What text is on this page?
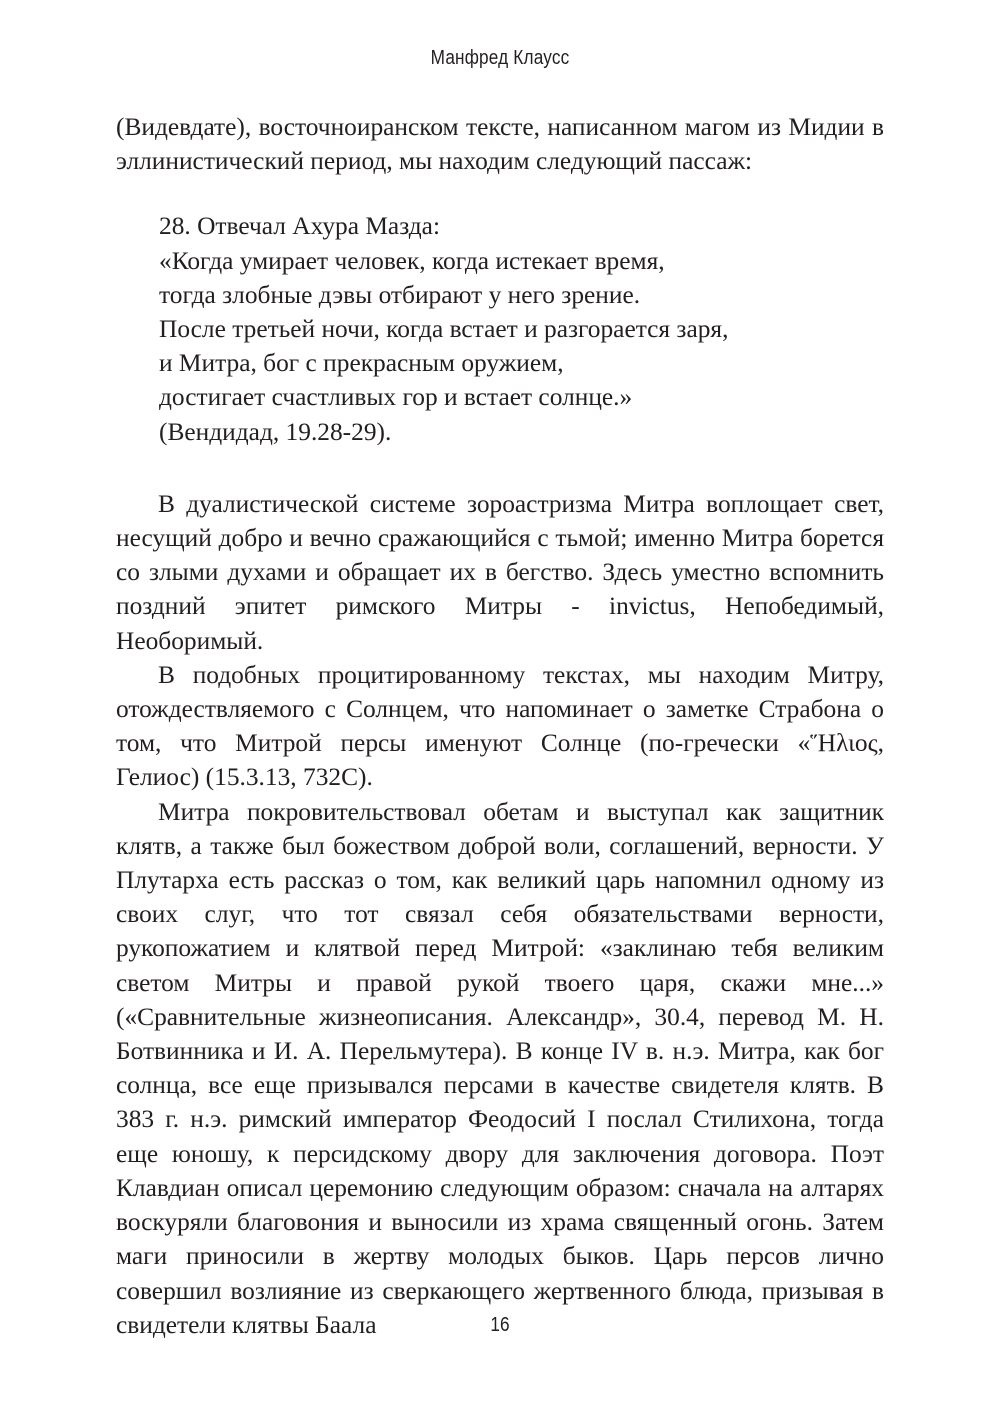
Манфред Клаусс

(Видевдате), восточноиранском тексте, написанном магом из Мидии в эллинистический период, мы находим следующий пассаж:

28. Отвечал Ахура Мазда:
«Когда умирает человек, когда истекает время,
тогда злобные дэвы отбирают у него зрение.
После третьей ночи, когда встает и разгорается заря,
и Митра, бог с прекрасным оружием,
достигает счастливых гор и встает солнце.»
(Вендидад, 19.28-29).

В дуалистической системе зороастризма Митра воплощает свет, несущий добро и вечно сражающийся с тьмой; именно Митра борется со злыми духами и обращает их в бегство. Здесь уместно вспомнить поздний эпитет римского Митры - invictus, Непобедимый, Необоримый.

В подобных процитированному текстах, мы находим Митру, отождествляемого с Солнцем, что напоминает о заметке Страбона о том, что Митрой персы именуют Солнце (по-гречески «Ἥλιος, Гелиос) (15.3.13, 732С).

Митра покровительствовал обетам и выступал как защитник клятв, а также был божеством доброй воли, соглашений, верности. У Плутарха есть рассказ о том, как великий царь напомнил одному из своих слуг, что тот связал себя обязательствами верности, рукопожатием и клятвой перед Митрой: «заклинаю тебя великим светом Митры и правой рукой твоего царя, скажи мне...» («Сравнительные жизнеописания. Александр», 30.4, перевод М. Н. Ботвинника и И. А. Перельмутера). В конце IV в. н.э. Митра, как бог солнца, все еще призывался персами в качестве свидетеля клятв. В 383 г. н.э. римский император Феодосий I послал Стилихона, тогда еще юношу, к персидскому двору для заключения договора. Поэт Клавдиан описал церемонию следующим образом: сначала на алтарях воскуряли благовония и выносили из храма священный огонь. Затем маги приносили в жертву молодых быков. Царь персов лично совершил возлияние из сверкающего жертвенного блюда, призывая в свидетели клятвы Баала	16
